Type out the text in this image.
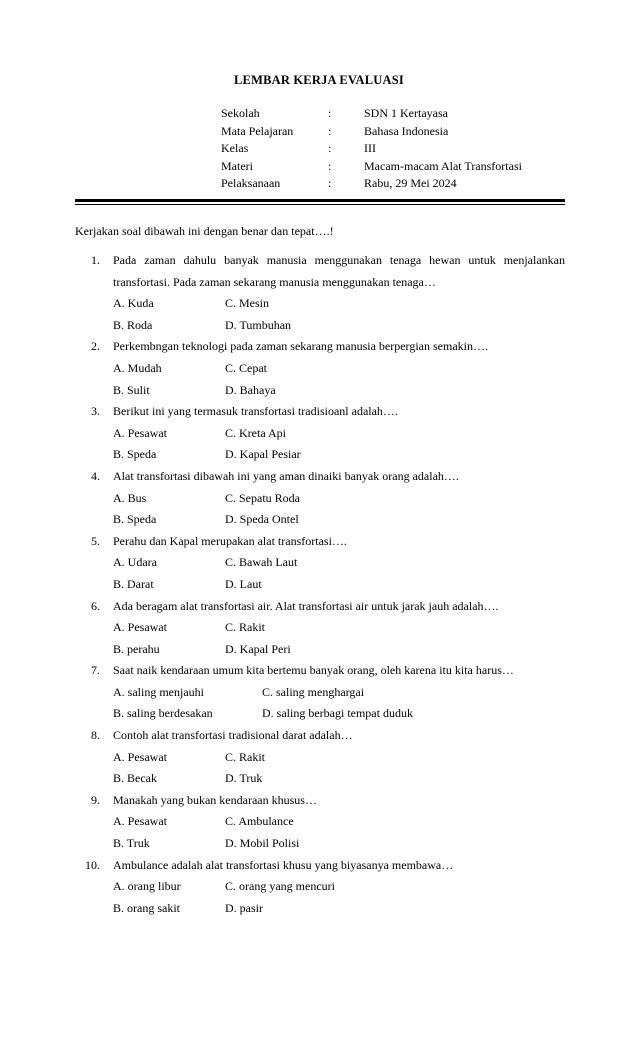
LEMBAR KERJA EVALUASI
Sekolah	:	SDN 1 Kertayasa
Mata Pelajaran	:	Bahasa Indonesia
Kelas	:	III
Materi	:	Macam-macam Alat Transfortasi
Pelaksanaan	:	Rabu, 29 Mei 2024
Kerjakan soal dibawah ini dengan benar dan tepat….!
1.	Pada zaman dahulu banyak manusia menggunakan tenaga hewan untuk menjalankan
transfortasi. Pada zaman sekarang manusia menggunakan tenaga…
A. Kuda	C. Mesin
B. Roda	D. Tumbuhan
2.	Perkembngan teknologi pada zaman sekarang manusia berpergian semakin….
A. Mudah	C. Cepat
B. Sulit	D. Bahaya
3.	Berikut ini yang termasuk transfortasi tradisioanl adalah….
A. Pesawat	C. Kreta Api
B. Speda	D. Kapal Pesiar
4.	Alat transfortasi dibawah ini yang aman dinaiki banyak orang adalah….
A. Bus	C. Sepatu Roda
B. Speda	D. Speda Ontel
5.	Perahu dan Kapal merupakan alat transfortasi….
A. Udara	C. Bawah Laut
B. Darat	D. Laut
6.	Ada beragam alat transfortasi air. Alat transfortasi air untuk jarak jauh adalah….
A. Pesawat	C. Rakit
B. perahu	D. Kapal Peri
7.	Saat naik kendaraan umum kita bertemu banyak orang, oleh karena itu kita harus…
A. saling menjauhi	C. saling menghargai
B. saling berdesakan	D. saling berbagi tempat duduk
8.	Contoh alat transfortasi tradisional darat adalah…
A. Pesawat	C. Rakit
B. Becak	D. Truk
9.	Manakah yang bukan kendaraan khusus…
A. Pesawat	C. Ambulance
B. Truk	D. Mobil Polisi
10.	Ambulance adalah alat transfortasi khusu yang biyasanya membawa…
A. orang libur	C. orang yang mencuri
B. orang sakit	D. pasir
